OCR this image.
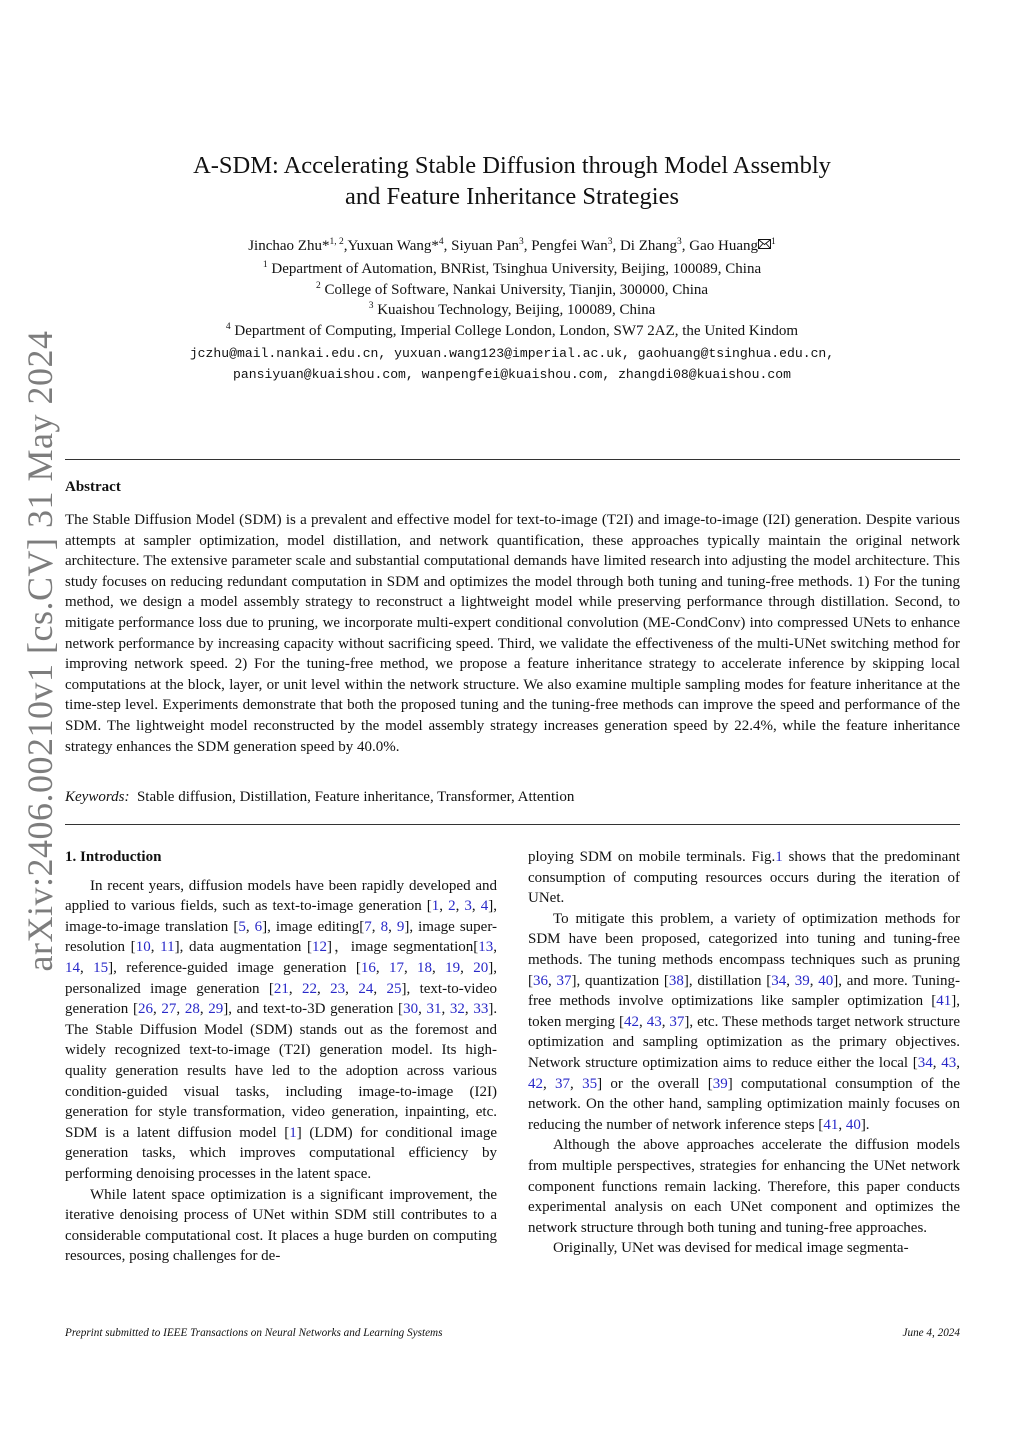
arXiv:2406.00210v1 [cs.CV] 31 May 2024
A-SDM: Accelerating Stable Diffusion through Model Assembly
and Feature Inheritance Strategies
Jinchao Zhu*$^{1, 2}$,Yuxuan Wang*$^4$, Siyuan Pan$^3$, Pengfei Wan$^3$, Di Zhang$^3$, Gao Huang $^1$
$^1$ Department of Automation, BNRist, Tsinghua University, Beijing, 100089, China
$^2$ College of Software, Nankai University, Tianjin, 300000, China
$^3$ Kuaishou Technology, Beijing, 100089, China
$^4$ Department of Computing, Imperial College London, London, SW7 2AZ, the United Kindom
jczhu@mail.nankai.edu.cn, yuxuan.wang123@imperial.ac.uk, gaohuang@tsinghua.edu.cn,
pansiyuan@kuaishou.com, wanpengfei@kuaishou.com, zhangdi08@kuaishou.com
Abstract
The Stable Diffusion Model (SDM) is a prevalent and effective model for text-to-image (T2I) and image-to-image (I2I) generation. Despite various attempts at sampler optimization, model distillation, and network quantification, these approaches typically maintain the original network architecture. The extensive parameter scale and substantial computational demands have limited research into adjusting the model architecture. This study focuses on reducing redundant computation in SDM and optimizes the model through both tuning and tuning-free methods. 1) For the tuning method, we design a model assembly strategy to reconstruct a lightweight model while preserving performance through distillation. Second, to mitigate performance loss due to pruning, we incorporate multi-expert conditional convolution (ME-CondConv) into compressed UNets to enhance network performance by increasing capacity without sacrificing speed. Third, we validate the effectiveness of the multi-UNet switching method for improving network speed. 2) For the tuning-free method, we propose a feature inheritance strategy to accelerate inference by skipping local computations at the block, layer, or unit level within the network structure. We also examine multiple sampling modes for feature inheritance at the time-step level. Experiments demonstrate that both the proposed tuning and the tuning-free methods can improve the speed and performance of the SDM. The lightweight model reconstructed by the model assembly strategy increases generation speed by 22.4%, while the feature inheritance strategy enhances the SDM generation speed by 40.0%.
Keywords: Stable diffusion, Distillation, Feature inheritance, Transformer, Attention

1. Introduction

In recent years, diffusion models have been rapidly developed and applied to various fields, such as text-to-image generation [1, 2, 3, 4], image-to-image translation [5, 6], image editing[7, 8, 9], image super-resolution [10, 11], data augmentation [12]，image segmentation[13, 14, 15], reference-guided image generation [16, 17, 18, 19, 20], personalized image generation [21, 22, 23, 24, 25], text-to-video generation [26, 27, 28, 29], and text-to-3D generation [30, 31, 32, 33]. The Stable Diffusion Model (SDM) stands out as the foremost and widely recognized text-to-image (T2I) generation model. Its high-quality generation results have led to the adoption across various condition-guided visual tasks, including image-to-image (I2I) generation for style transformation, video generation, inpainting, etc. SDM is a latent diffusion model [1] (LDM) for conditional image generation tasks, which improves computational efficiency by performing denoising processes in the latent space.

While latent space optimization is a significant improvement, the iterative denoising process of UNet within SDM still contributes to a considerable computational cost. It places a huge burden on computing resources, posing challenges for de-

ploying SDM on mobile terminals. Fig.1 shows that the predominant consumption of computing resources occurs during the iteration of UNet.

To mitigate this problem, a variety of optimization methods for SDM have been proposed, categorized into tuning and tuning-free methods. The tuning methods encompass techniques such as pruning [36, 37], quantization [38], distillation [34, 39, 40], and more. Tuning-free methods involve optimizations like sampler optimization [41], token merging [42, 43, 37], etc. These methods target network structure optimization and sampling optimization as the primary objectives. Network structure optimization aims to reduce either the local [34, 43, 42, 37, 35] or the overall [39] computational consumption of the network. On the other hand, sampling optimization mainly focuses on reducing the number of network inference steps [41, 40].

Although the above approaches accelerate the diffusion models from multiple perspectives, strategies for enhancing the UNet network component functions remain lacking. Therefore, this paper conducts experimental analysis on each UNet component and optimizes the network structure through both tuning and tuning-free approaches.

Originally, UNet was devised for medical image segmenta-

Preprint submitted to IEEE Transactions on Neural Networks and Learning Systems	June 4, 2024
